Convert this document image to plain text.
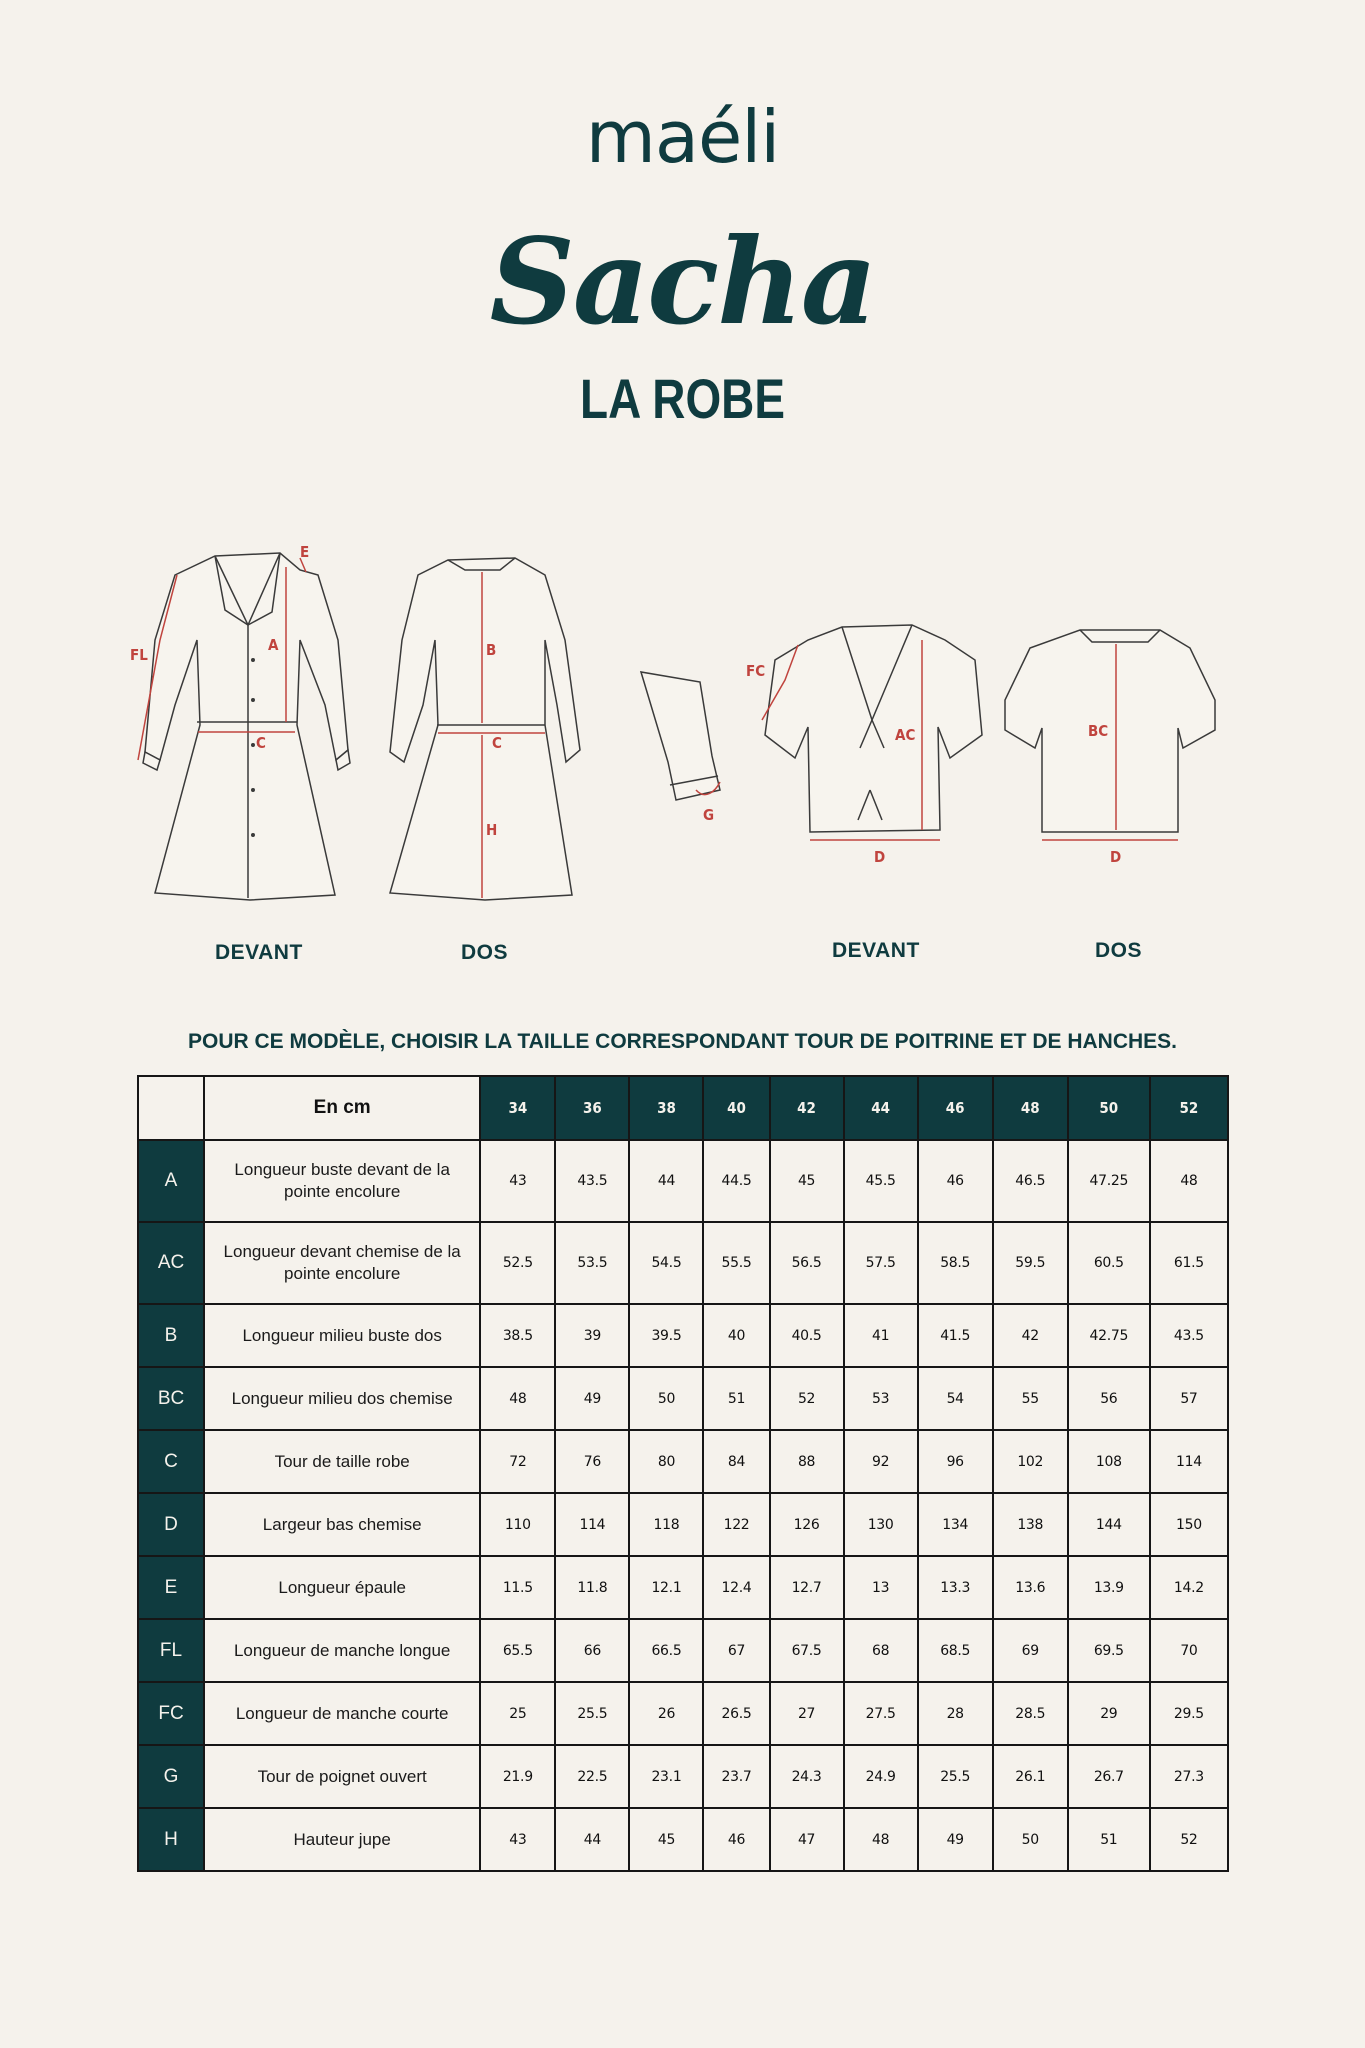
maéli
Sacha
LA ROBE
E
FL
A
C
B
C
H
FC
G
AC
D
BC
D
DEVANT	DOS	DEVANT	DOS
POUR CE MODÈLE, CHOISIR LA TAILLE CORRESPONDANT TOUR DE POITRINE ET DE HANCHES.
	En cm	34	36	38	40	42	44	46	48	50	52
A	Longueur buste devant de la pointe encolure	43	43.5	44	44.5	45	45.5	46	46.5	47.25	48
AC	Longueur devant chemise de la pointe encolure	52.5	53.5	54.5	55.5	56.5	57.5	58.5	59.5	60.5	61.5
B	Longueur milieu buste dos	38.5	39	39.5	40	40.5	41	41.5	42	42.75	43.5
BC	Longueur milieu dos chemise	48	49	50	51	52	53	54	55	56	57
C	Tour de taille robe	72	76	80	84	88	92	96	102	108	114
D	Largeur bas chemise	110	114	118	122	126	130	134	138	144	150
E	Longueur épaule	11.5	11.8	12.1	12.4	12.7	13	13.3	13.6	13.9	14.2
FL	Longueur de manche longue	65.5	66	66.5	67	67.5	68	68.5	69	69.5	70
FC	Longueur de manche courte	25	25.5	26	26.5	27	27.5	28	28.5	29	29.5
G	Tour de poignet ouvert	21.9	22.5	23.1	23.7	24.3	24.9	25.5	26.1	26.7	27.3
H	Hauteur jupe	43	44	45	46	47	48	49	50	51	52
